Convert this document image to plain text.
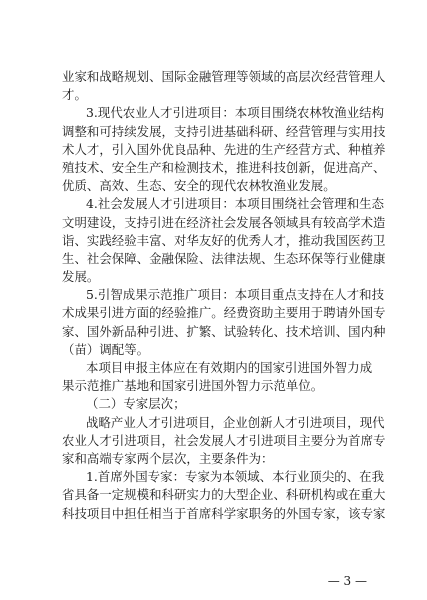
业家和战略规划、国际金融管理等领域的高层次经营管理人
才。
3.现代农业人才引进项目：本项目围绕农林牧渔业结构
调整和可持续发展，支持引进基础科研、经营管理与实用技
术人才，引入国外优良品种、先进的生产经营方式、种植养
殖技术、安全生产和检测技术，推进科技创新，促进高产、
优质、高效、生态、安全的现代农林牧渔业发展。
4.社会发展人才引进项目：本项目围绕社会管理和生态
文明建设，支持引进在经济社会发展各领域具有较高学术造
诣、实践经验丰富、对华友好的优秀人才，推动我国医药卫
生、社会保障、金融保险、法律法规、生态环保等行业健康
发展。
5.引智成果示范推广项目：本项目重点支持在人才和技
术成果引进方面的经验推广。经费资助主要用于聘请外国专
家、国外新品种引进、扩繁、试验转化、技术培训、国内种
（苗）调配等。
本项目申报主体应在有效期内的国家引进国外智力成
果示范推广基地和国家引进国外智力示范单位。
（二）专家层次；
战略产业人才引进项目，企业创新人才引进项目，现代
农业人才引进项目，社会发展人才引进项目主要分为首席专
家和高端专家两个层次，主要条件为：
1.首席外国专家：专家为本领域、本行业顶尖的、在我
省具备一定规模和科研实力的大型企业、科研机构或在重大
科技项目中担任相当于首席科学家职务的外国专家，该专家
— 3 —
